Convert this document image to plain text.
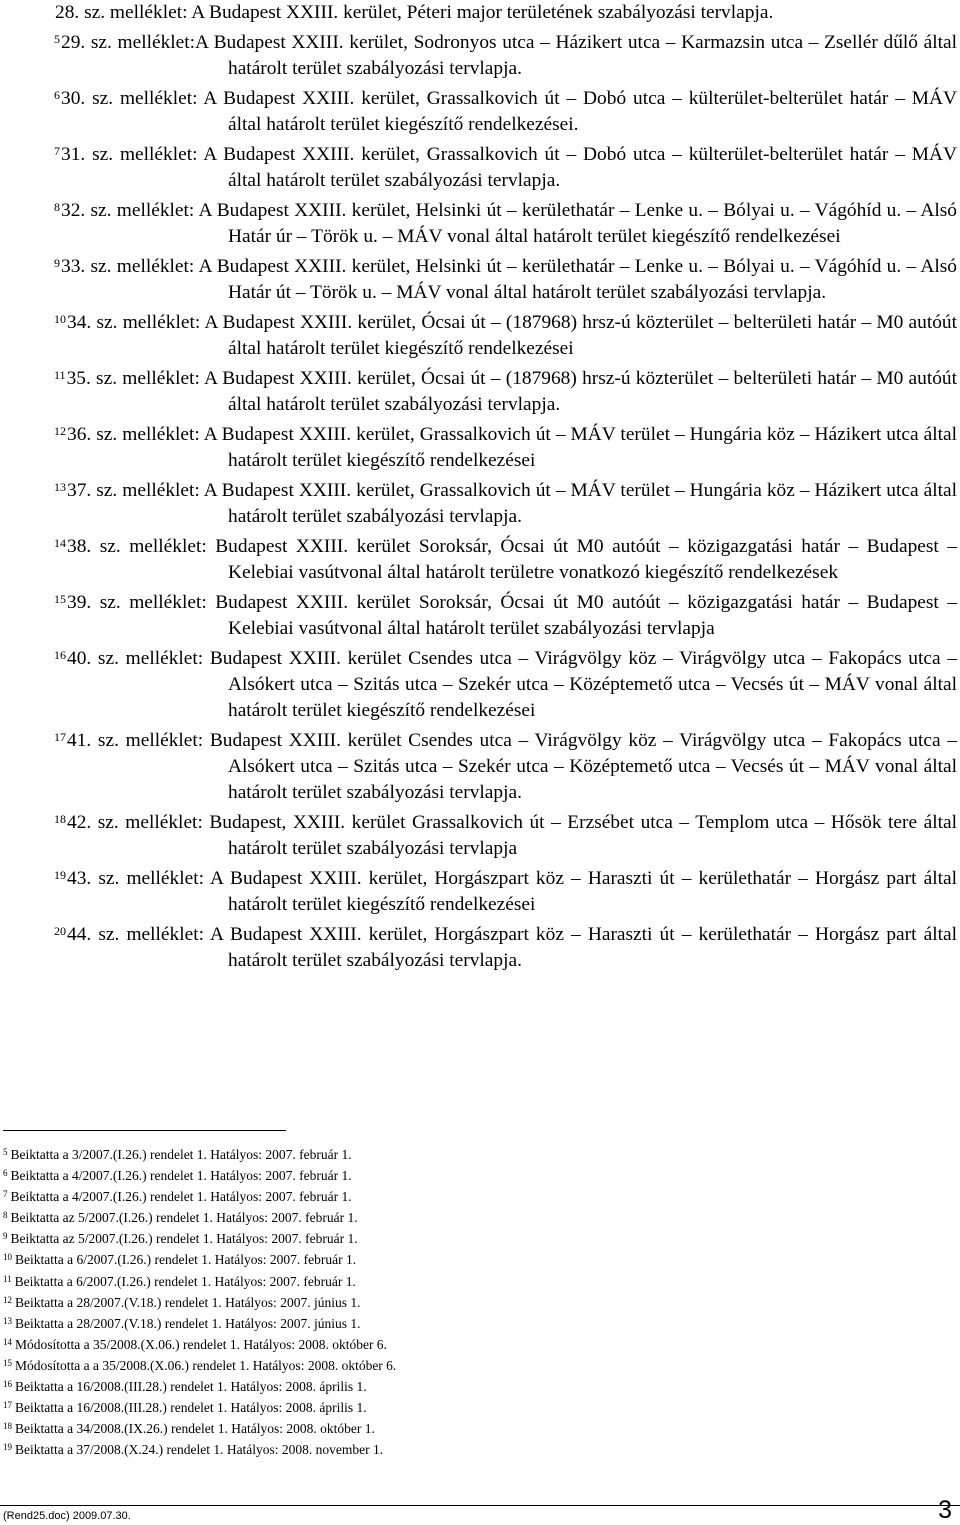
28. sz. melléklet: A Budapest XXIII. kerület, Péteri major területének szabályozási tervlapja.
$^5$29. sz. melléklet:A Budapest XXIII. kerület, Sodronyos utca – Házikert utca – Karmazsin utca – Zsellér dűlő által határolt terület szabályozási tervlapja.
$^6$30. sz. melléklet: A Budapest XXIII. kerület, Grassalkovich út – Dobó utca – külterület-belterület határ – MÁV által határolt terület kiegészítő rendelkezései.
$^7$31. sz. melléklet: A Budapest XXIII. kerület, Grassalkovich út – Dobó utca – külterület-belterület határ – MÁV által határolt terület szabályozási tervlapja.
$^8$32. sz. melléklet: A Budapest XXIII. kerület, Helsinki út – kerülethatár – Lenke u. – Bólyai u. – Vágóhíd u. – Alsó Határ úr – Török u. – MÁV vonal által határolt terület kiegészítő rendelkezései
$^9$33. sz. melléklet: A Budapest XXIII. kerület, Helsinki út – kerülethatár – Lenke u. – Bólyai u. – Vágóhíd u. – Alsó Határ út – Török u. – MÁV vonal által határolt terület szabályozási tervlapja.
$^{10}$34. sz. melléklet: A Budapest XXIII. kerület, Ócsai út – (187968) hrsz-ú közterület – belterületi határ – M0 autóút által határolt terület kiegészítő rendelkezései
$^{11}$35. sz. melléklet: A Budapest XXIII. kerület, Ócsai út – (187968) hrsz-ú közterület – belterületi határ – M0 autóút által határolt terület szabályozási tervlapja.
$^{12}$36. sz. melléklet: A Budapest XXIII. kerület, Grassalkovich út – MÁV terület – Hungária köz – Házikert utca által határolt terület kiegészítő rendelkezései
$^{13}$37. sz. melléklet: A Budapest XXIII. kerület, Grassalkovich út – MÁV terület – Hungária köz – Házikert utca által határolt terület szabályozási tervlapja.
$^{14}$38. sz. melléklet: Budapest XXIII. kerület Soroksár, Ócsai út M0 autóút – közigazgatási határ – Budapest – Kelebiai vasútvonal által határolt területre vonatkozó kiegészítő rendelkezések
$^{15}$39. sz. melléklet: Budapest XXIII. kerület Soroksár, Ócsai út M0 autóút – közigazgatási határ – Budapest – Kelebiai vasútvonal által határolt terület szabályozási tervlapja
$^{16}$40. sz. melléklet: Budapest XXIII. kerület Csendes utca – Virágvölgy köz – Virágvölgy utca – Fakopács utca – Alsókert utca – Szitás utca – Szekér utca – Középtemető utca – Vecsés út – MÁV vonal által határolt terület kiegészítő rendelkezései
$^{17}$41. sz. melléklet: Budapest XXIII. kerület Csendes utca – Virágvölgy köz – Virágvölgy utca – Fakopács utca – Alsókert utca – Szitás utca – Szekér utca – Középtemető utca – Vecsés út – MÁV vonal által határolt terület szabályozási tervlapja.
$^{18}$42. sz. melléklet: Budapest, XXIII. kerület Grassalkovich út – Erzsébet utca – Templom utca – Hősök tere által határolt terület szabályozási tervlapja
$^{19}$43. sz. melléklet: A Budapest XXIII. kerület, Horgászpart köz – Haraszti út – kerülethatár – Horgász part által határolt terület kiegészítő rendelkezései
$^{20}$44. sz. melléklet: A Budapest XXIII. kerület, Horgászpart köz – Haraszti út – kerülethatár – Horgász part által határolt terület szabályozási tervlapja.
$^5$ Beiktatta a 3/2007.(I.26.) rendelet 1. Hatályos: 2007. február 1.
$^6$ Beiktatta a 4/2007.(I.26.) rendelet 1. Hatályos: 2007. február 1.
$^7$ Beiktatta a 4/2007.(I.26.) rendelet 1. Hatályos: 2007. február 1.
$^8$ Beiktatta az 5/2007.(I.26.) rendelet 1. Hatályos: 2007. február 1.
$^9$ Beiktatta az 5/2007.(I.26.) rendelet 1. Hatályos: 2007. február 1.
$^{10}$ Beiktatta a 6/2007.(I.26.) rendelet 1. Hatályos: 2007. február 1.
$^{11}$ Beiktatta a 6/2007.(I.26.) rendelet 1. Hatályos: 2007. február 1.
$^{12}$ Beiktatta a 28/2007.(V.18.) rendelet 1. Hatályos: 2007. június 1.
$^{13}$ Beiktatta a 28/2007.(V.18.) rendelet 1. Hatályos: 2007. június 1.
$^{14}$ Módosította a 35/2008.(X.06.) rendelet 1. Hatályos: 2008. október 6.
$^{15}$ Módosította a a 35/2008.(X.06.) rendelet 1. Hatályos: 2008. október 6.
$^{16}$ Beiktatta a 16/2008.(III.28.) rendelet 1. Hatályos: 2008. április 1.
$^{17}$ Beiktatta a 16/2008.(III.28.) rendelet 1. Hatályos: 2008. április 1.
$^{18}$ Beiktatta a 34/2008.(IX.26.) rendelet 1. Hatályos: 2008. október 1.
$^{19}$ Beiktatta a 37/2008.(X.24.) rendelet 1. Hatályos: 2008. november 1.
(Rend25.doc) 2009.07.30.	3
